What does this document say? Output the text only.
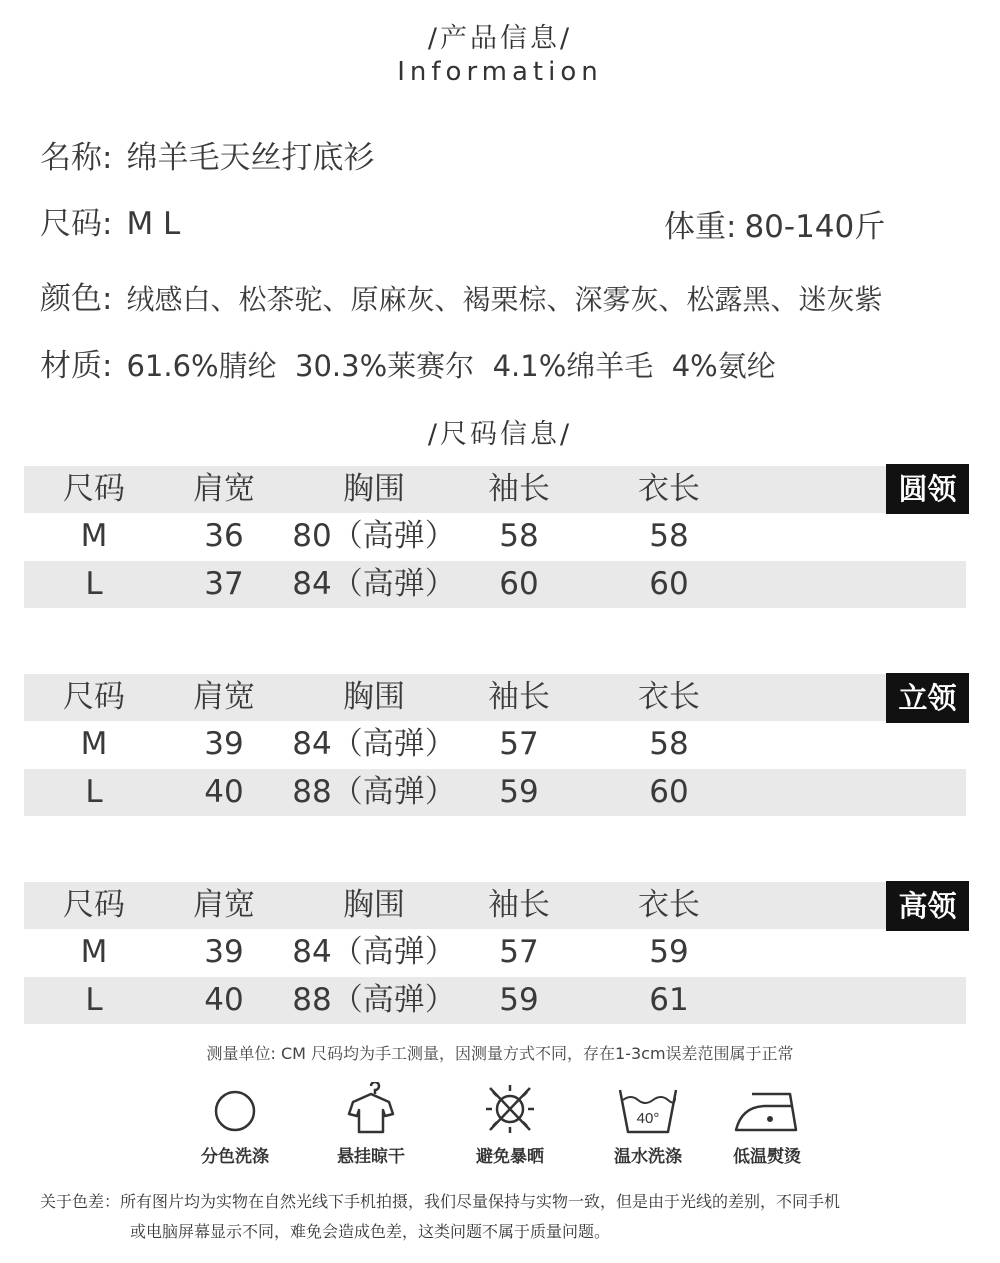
/产品信息/
Information
名称: 绵羊毛天丝打底衫
尺码: M L	体重: 80-140斤
颜色: 绒感白、松茶驼、原麻灰、褐栗棕、深雾灰、松露黑、迷灰紫
材质: 61.6%腈纶  30.3%莱赛尔  4.1%绵羊毛  4%氨纶
/尺码信息/
尺码	肩宽	胸围	袖长	衣长
M	36	80（高弹）	58	58
L	37	84（高弹）	60	60
圆领
尺码	肩宽	胸围	袖长	衣长
M	39	84（高弹）	57	58
L	40	88（高弹）	59	60
立领
尺码	肩宽	胸围	袖长	衣长
M	39	84（高弹）	57	59
L	40	88（高弹）	59	61
高领
测量单位: CM 尺码均为手工测量，因测量方式不同，存在1-3cm误差范围属于正常
分色洗涤	悬挂晾干	避免暴晒
40°
温水洗涤	低温熨烫
关于色差：所有图片均为实物在自然光线下手机拍摄，我们尽量保持与实物一致，但是由于光线的差别，不同手机
或电脑屏幕显示不同，难免会造成色差，这类问题不属于质量问题。
